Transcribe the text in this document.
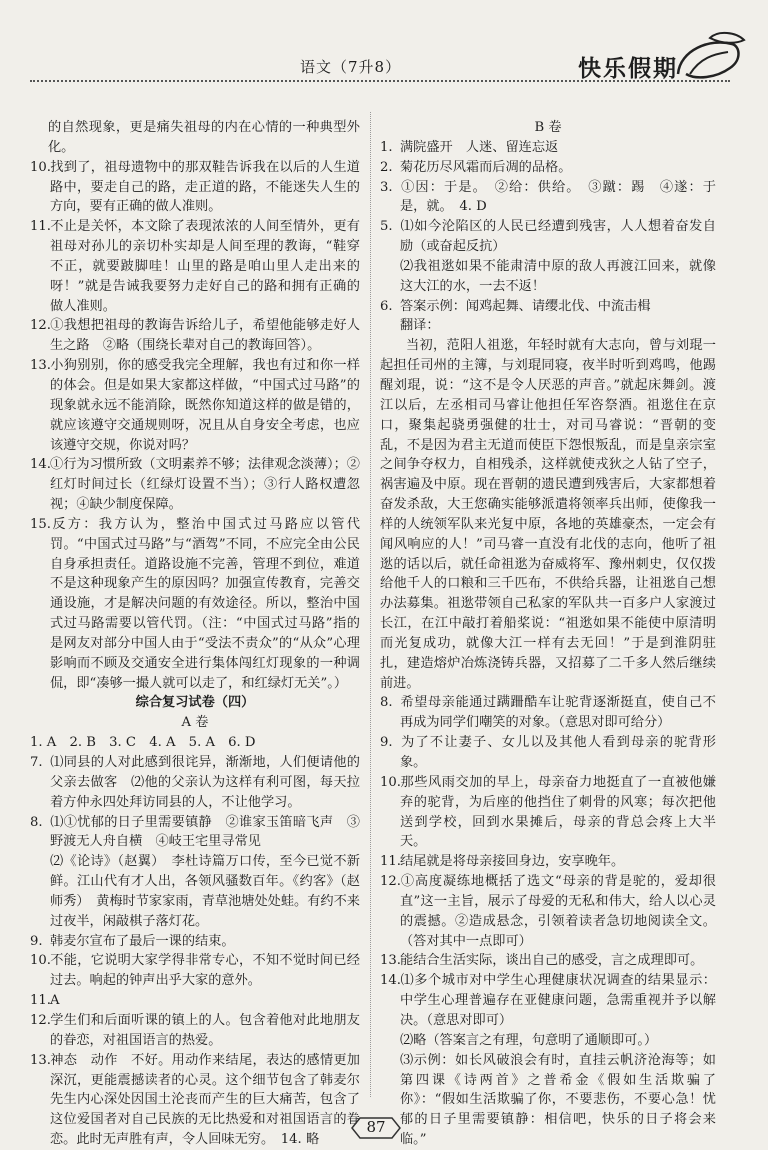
语文（7升8）	快乐假期

的自然现象，更是痛失祖母的内在心情的一种典型外化。

10.找到了，祖母遗物中的那双鞋告诉我在以后的人生道路中，要走自己的路，走正道的路，不能迷失人生的方向，要有正确的做人准则。

11.不止是关怀，本文除了表现浓浓的人间至情外，更有祖母对孙儿的亲切朴实却是人间至理的教诲，“鞋穿不正，就要跛脚哇！山里的路是咱山里人走出来的呀！”就是告诫我要努力走好自己的路和拥有正确的做人准则。

12.①我想把祖母的教诲告诉给儿子，希望他能够走好人生之路　②略（围绕长辈对自己的教诲回答）。

13.小狗别别，你的感受我完全理解，我也有过和你一样的体会。但是如果大家都这样做，“中国式过马路”的现象就永远不能消除，既然你知道这样的做是错的，就应该遵守交通规则呀，况且从自身安全考虑，也应该遵守交规，你说对吗？

14.①行为习惯所致（文明素养不够；法律观念淡薄）；②红灯时间过长（红绿灯设置不当）；③行人路权遭忽视；④缺少制度保障。

15.反方：我方认为，整治中国式过马路应以管代罚。“中国式过马路”与“酒驾”不同，不应完全由公民自身承担责任。道路设施不完善，管理不到位，难道不是这种现象产生的原因吗？加强宣传教育，完善交通设施，才是解决问题的有效途径。所以，整治中国式过马路需要以管代罚。（注：“中国式过马路”指的是网友对部分中国人由于“受法不责众”的“从众”心理影响而不顾及交通安全进行集体闯红灯现象的一种调侃，即“凑够一撮人就可以走了，和红绿灯无关”。）

综合复习试卷（四）

A 卷

1. A　2. B　3. C　4. A　5. A　6. D

7. ⑴同县的人对此感到很诧异，渐渐地，人们便请他的父亲去做客　⑵他的父亲认为这样有利可图，每天拉着方仲永四处拜访同县的人，不让他学习。

8. ⑴①忧郁的日子里需要镇静　②谁家玉笛暗飞声　③野渡无人舟自横　④岐王宅里寻常见

⑵《论诗》（赵翼）　李杜诗篇万口传，至今已觉不新鲜。江山代有才人出，各领风骚数百年。《约客》（赵师秀）　黄梅时节家家雨，青草池塘处处蛙。有约不来过夜半，闲敲棋子落灯花。

9. 韩麦尔宣布了最后一课的结束。

10.不能，它说明大家学得非常专心，不知不觉时间已经过去。响起的钟声出乎大家的意外。

11.A

12.学生们和后面听课的镇上的人。包含着他对此地朋友的眷恋，对祖国语言的热爱。

13.神态　动作　不好。用动作来结尾，表达的感情更加深沉，更能震撼读者的心灵。这个细节包含了韩麦尔先生内心深处因国土沦丧而产生的巨大痛苦，包含了这位爱国者对自己民族的无比热爱和对祖国语言的眷恋。此时无声胜有声，令人回味无穷。　14. 略

B 卷

1. 满院盛开　人迷、留连忘返

2. 菊花历尽风霜而后凋的品格。

3. ①因：于是。　②给：供给。　③蹴：踢　④遂：于是，就。　4. D

5. ⑴如今沦陷区的人民已经遭到残害，人人想着奋发自励（或奋起反抗）

⑵我祖逖如果不能肃清中原的敌人再渡江回来，就像这大江的水，一去不返！

6. 答案示例：闻鸡起舞、请缨北伐、中流击楫

翻译：

当初，范阳人祖逖，年轻时就有大志向，曾与刘琨一起担任司州的主簿，与刘琨同寝，夜半时听到鸡鸣，他踢醒刘琨，说：“这不是令人厌恶的声音。”就起床舞剑。渡江以后，左丞相司马睿让他担任军咨祭酒。祖逖住在京口，聚集起骁勇强健的壮士，对司马睿说：“晋朝的变乱，不是因为君主无道而使臣下怨恨叛乱，而是皇亲宗室之间争夺权力，自相残杀，这样就使戎狄之人钻了空子，祸害遍及中原。现在晋朝的遗民遭到残害后，大家都想着奋发杀敌，大王您确实能够派遣将领率兵出师，使像我一样的人统领军队来光复中原，各地的英雄豪杰，一定会有闻风响应的人！”司马睿一直没有北伐的志向，他听了祖逖的话以后，就任命祖逖为奋威将军、豫州刺史，仅仅拨给他千人的口粮和三千匹布，不供给兵器，让祖逖自己想办法募集。祖逖带领自己私家的军队共一百多户人家渡过长江，在江中敲打着船桨说：“祖逖如果不能使中原清明而光复成功，就像大江一样有去无回！”于是到淮阴驻扎，建造熔炉冶炼浇铸兵器，又招募了二千多人然后继续前进。

8. 希望母亲能通过蹒跚酷车让驼背逐渐挺直，使自己不再成为同学们嘲笑的对象。（意思对即可给分）

9. 为了不让妻子、女儿以及其他人看到母亲的驼背形象。

10.那些风雨交加的早上，母亲奋力地挺直了一直被他嫌弃的驼背，为后座的他挡住了刺骨的风寒；每次把他送到学校，回到水果摊后，母亲的背总会疼上大半天。

11.结尾就是将母亲接回身边，安享晚年。

12.①高度凝练地概括了选文“母亲的背是驼的，爱却很直”这一主旨，展示了母爱的无私和伟大，给人以心灵的震撼。②造成悬念，引领着读者急切地阅读全文。（答对其中一点即可）

13.能结合生活实际，谈出自己的感受，言之成理即可。

14.⑴多个城市对中学生心理健康状况调查的结果显示：中学生心理普遍存在亚健康问题，急需重视并予以解决。（意思对即可）

⑵略（答案言之有理，句意明了通顺即可。）

⑶示例：如长风破浪会有时，直挂云帆济沧海等；如第四课《诗两首》之普希金《假如生活欺骗了你》：“假如生活欺骗了你，不要悲伤，不要心急！忧郁的日子里需要镇静：相信吧，快乐的日子将会来临。”

87
